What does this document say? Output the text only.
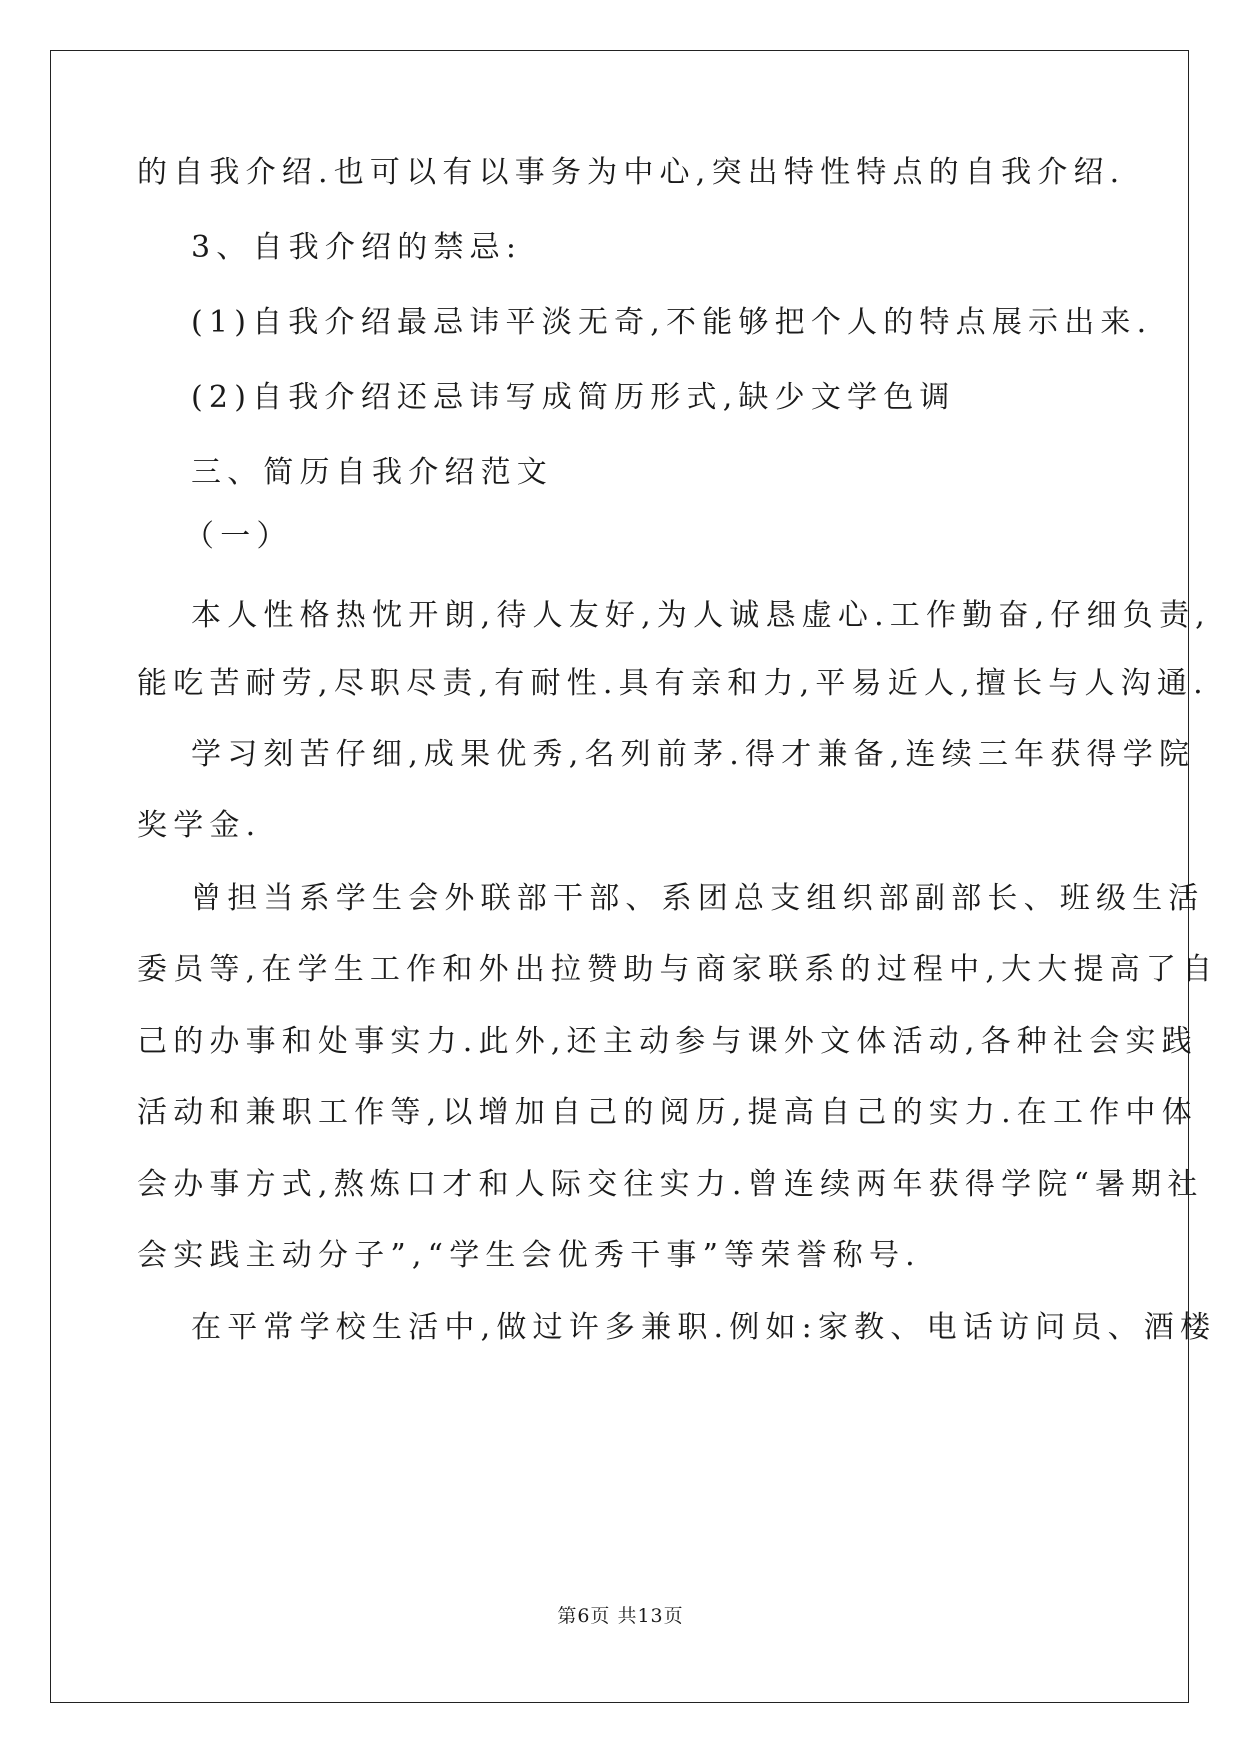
的自我介绍.也可以有以事务为中心,突出特性特点的自我介绍.
3、自我介绍的禁忌:
(1)自我介绍最忌讳平淡无奇,不能够把个人的特点展示出来.
(2)自我介绍还忌讳写成简历形式,缺少文学色调
三、简历自我介绍范文
（一）
本人性格热忱开朗,待人友好,为人诚恳虚心.工作勤奋,仔细负责,
能吃苦耐劳,尽职尽责,有耐性.具有亲和力,平易近人,擅长与人沟通.
学习刻苦仔细,成果优秀,名列前茅.得才兼备,连续三年获得学院
奖学金.
曾担当系学生会外联部干部、系团总支组织部副部长、班级生活
委员等,在学生工作和外出拉赞助与商家联系的过程中,大大提高了自
己的办事和处事实力.此外,还主动参与课外文体活动,各种社会实践
活动和兼职工作等,以增加自己的阅历,提高自己的实力.在工作中体
会办事方式,熬炼口才和人际交往实力.曾连续两年获得学院“暑期社
会实践主动分子”,“学生会优秀干事”等荣誉称号.
在平常学校生活中,做过许多兼职.例如:家教、电话访问员、酒楼
第6页 共13页
